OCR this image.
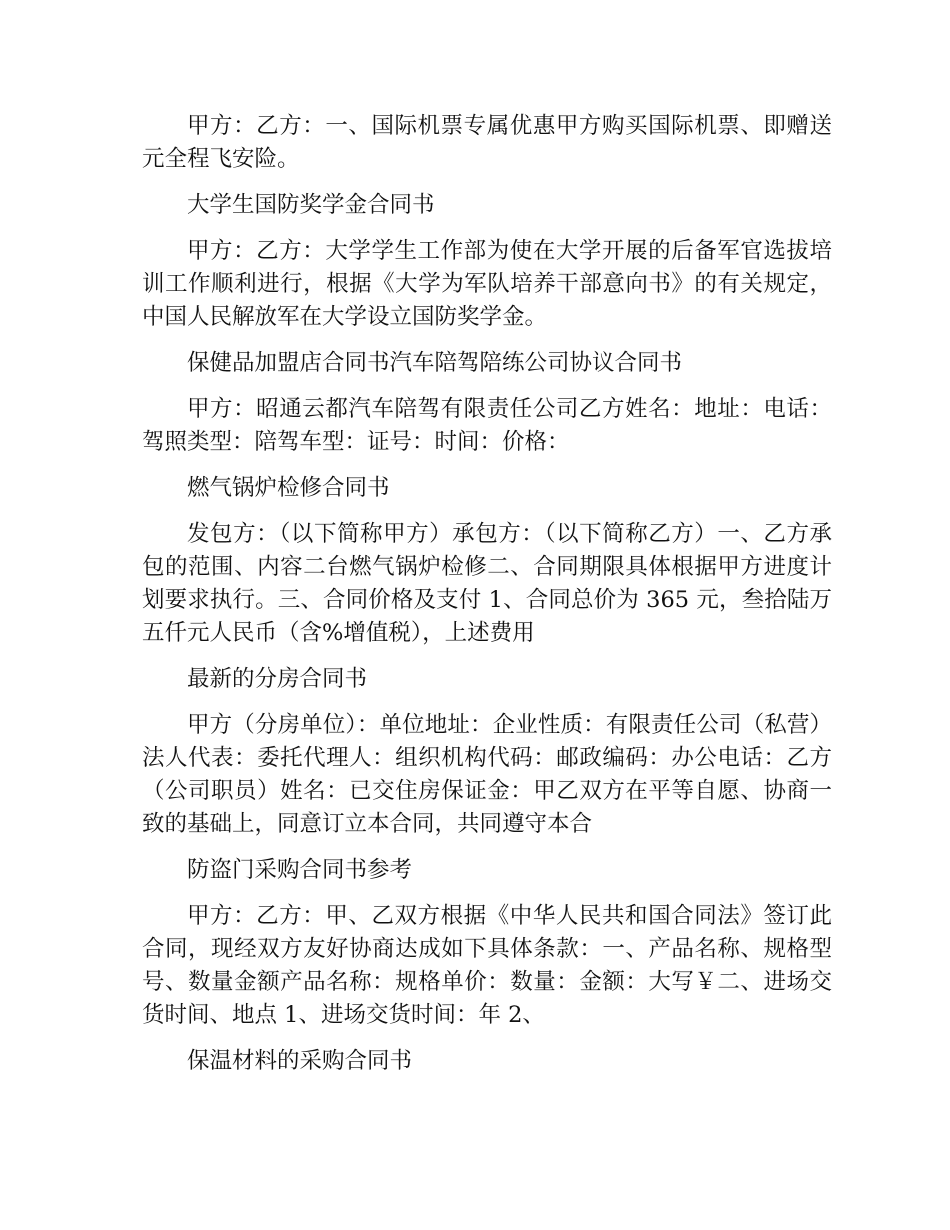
甲方：乙方：一、国际机票专属优惠甲方购买国际机票、即赠送元全程飞安险。

大学生国防奖学金合同书

甲方：乙方：大学学生工作部为使在大学开展的后备军官选拔培训工作顺利进行，根据《大学为军队培养干部意向书》的有关规定，中国人民解放军在大学设立国防奖学金。

保健品加盟店合同书汽车陪驾陪练公司协议合同书

甲方：昭通云都汽车陪驾有限责任公司乙方姓名：地址：电话：驾照类型：陪驾车型：证号：时间：价格：

燃气锅炉检修合同书

发包方：（以下简称甲方）承包方：（以下简称乙方）一、乙方承包的范围、内容二台燃气锅炉检修二、合同期限具体根据甲方进度计划要求执行。三、合同价格及支付 1、合同总价为 365 元，叁拾陆万五仟元人民币（含%增值税），上述费用

最新的分房合同书

甲方（分房单位）：单位地址：企业性质：有限责任公司（私营）法人代表：委托代理人：组织机构代码：邮政编码：办公电话：乙方（公司职员）姓名：已交住房保证金：甲乙双方在平等自愿、协商一致的基础上，同意订立本合同，共同遵守本合

防盗门采购合同书参考

甲方：乙方：甲、乙双方根据《中华人民共和国合同法》签订此合同，现经双方友好协商达成如下具体条款：一、产品名称、规格型号、数量金额产品名称：规格单价：数量：金额：大写￥二、进场交货时间、地点 1、进场交货时间：年 2、

保温材料的采购合同书
